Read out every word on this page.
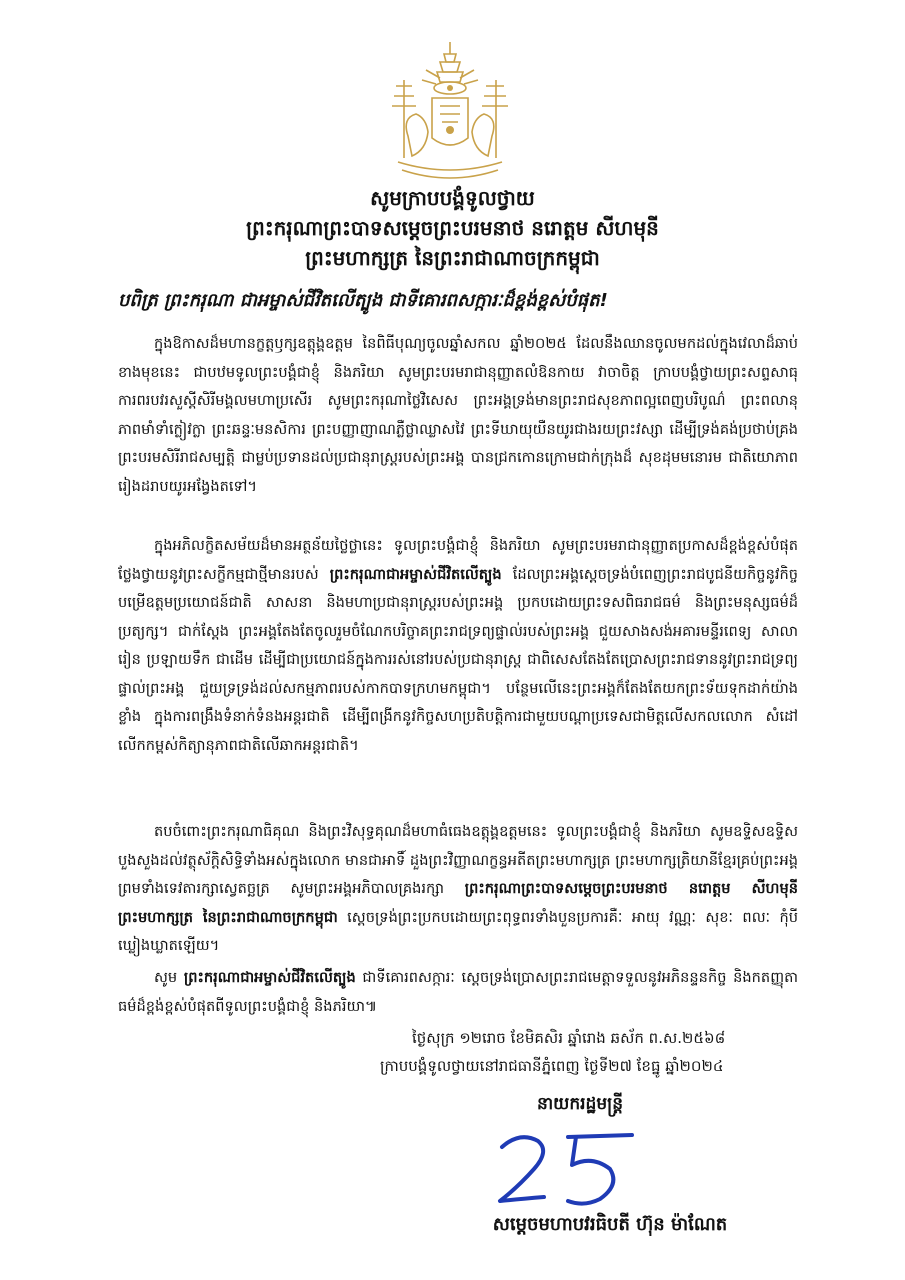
សូមក្រាបបង្គំទូលថ្វាយ
ព្រះករុណាព្រះបាទសម្តេចព្រះបរមនាថ នរោត្តម សីហមុនី
ព្រះមហាក្សត្រ នៃព្រះរាជាណាចក្រកម្ពុជា
បពិត្រ ព្រះករុណា ជាអម្ចាស់ជីវិតលើត្បូង ជាទីគោរពសក្ការៈដ៏ខ្ពង់ខ្ពស់បំផុត!
ក្នុងឱកាសដ៏មហានក្ខត្តឫក្សឧត្តុង្គឧត្តម នៃពិធីបុណ្យចូលឆ្នាំសកល ឆ្នាំ២០២៥ ដែលនឹងឈានចូលមកដល់ក្នុងវេលាដ៏ឆាប់ខាងមុខនេះ ជាបឋមទូលព្រះបង្គំជាខ្ញុំ និងភរិយា សូមព្រះបរមរាជានុញ្ញាតលំឱនកាយ វាចាចិត្ត ក្រាបបង្គំថ្វាយព្រះសព្ទសាធុការពរបវរសួស្តីសិរីមង្គលមហាប្រសើរ សូមព្រះករុណាថ្លៃវិសេស ព្រះអង្គទ្រង់មានព្រះរាជសុខភាពល្អពេញបរិបូណ៌ ព្រះពលានុភាពមាំទាំក្លៀវក្លា ព្រះឆន្ទៈមនសិការ ព្រះបញ្ញាញាណភ្លឺថ្លាឈ្លាសវៃ ព្រះទីឃាយុយឺនយូរជាងរយព្រះវស្សា ដើម្បីទ្រង់គង់ប្រថាប់គ្រងព្រះបរមសិរីរាជសម្បត្តិ ជាម្លប់ប្រទានដល់ប្រជានុរាស្ត្ររបស់ព្រះអង្គ បានជ្រកកោនក្រោមជាក់ក្រុងដ៏ សុខដុមមនោរម ជាតិយោភាពរៀងដរាបយូរអង្វែងតទៅ។
ក្នុងអភិលក្ខិតសម័យដ៏មានអត្ថន័យថ្លៃថ្លានេះ ទូលព្រះបង្គំជាខ្ញុំ និងភរិយា សូមព្រះបរមរាជានុញ្ញាតប្រកាសដ៏ខ្ពង់ខ្ពស់បំផុត ថ្លែងថ្វាយនូវព្រះសក្ខីកម្មជាថ្មីមានរបស់ ព្រះករុណាជាអម្ចាស់ជីវិតលើត្បូង ដែលព្រះអង្គស្តេចទ្រង់បំពេញព្រះរាជបូជនីយកិច្ចនូវកិច្ចបម្រើឧត្តមប្រយោជន៍ជាតិ សាសនា និងមហាប្រជានុរាស្ត្ររបស់ព្រះអង្គ ប្រកបដោយព្រះទសពិធរាជធម៌ និងព្រះមនុស្សធម៌ដ៏ប្រត្យក្ស។ ជាក់ស្តែង ព្រះអង្គតែងតែចូលរួមចំណែកបរិច្ចាគព្រះរាជទ្រព្យផ្ទាល់របស់ព្រះអង្គ ជួយសាងសង់អគារមន្ទីរពេទ្យ សាលារៀន ប្រឡាយទឹក ជាដើម ដើម្បីជាប្រយោជន៍ក្នុងការរស់នៅរបស់ប្រជានុរាស្ត្រ ជាពិសេសតែងតែប្រោសព្រះរាជទាននូវព្រះរាជទ្រព្យផ្ទាល់ព្រះអង្គ ជួយទ្រទ្រង់ដល់សកម្មភាពរបស់កាកបាទក្រហមកម្ពុជា។ បន្ថែមលើនេះព្រះអង្គក៏តែងតែយកព្រះទ័យទុកដាក់យ៉ាងខ្លាំង ក្នុងការពង្រឹងទំនាក់ទំនងអន្តរជាតិ ដើម្បីពង្រីកនូវកិច្ចសហប្រតិបត្តិការជាមួយបណ្តាប្រទេសជាមិត្តលើសកលលោក សំដៅលើកកម្ពស់កិត្យានុភាពជាតិលើឆាកអន្តរជាតិ។
តបចំពោះព្រះករុណាធិគុណ និងព្រះវិសុទ្ធគុណដ៏មហាធំធេងឧត្តុង្គឧត្តមនេះ ទូលព្រះបង្គំជាខ្ញុំ និងភរិយា សូមឧទ្ទិសឧទ្ទិសបួងសួងដល់វត្ថុស័ក្តិសិទ្ធិទាំងអស់ក្នុងលោក មានជាអាទិ៍ ដួងព្រះវិញ្ញាណក្ខន្ធអតីតព្រះមហាក្សត្រ ព្រះមហាក្សត្រិយានីខ្មែរគ្រប់ព្រះអង្គ ព្រមទាំងទេវតារក្សាស្វេតច្ឆត្រ សូមព្រះអង្គអភិបាលគ្រងរក្សា ព្រះករុណាព្រះបាទសម្តេចព្រះបរមនាថ នរោត្តម សីហមុនី ព្រះមហាក្សត្រ នៃព្រះរាជាណាចក្រកម្ពុជា ស្តេចទ្រង់ព្រះប្រកបដោយព្រះពុទ្ធពរទាំងបួនប្រការគឺៈ អាយុ វណ្ណៈ សុខៈ ពលៈ កុំបីឃ្លៀងឃ្លាតឡើយ។
សូម ព្រះករុណាជាអម្ចាស់ជីវិតលើត្បូង ជាទីគោរពសក្ការៈ ស្តេចទ្រង់ប្រោសព្រះរាជមេត្តាទទួលនូវអភិនន្ទនកិច្ច និងកតញ្ញុតាធម៌ដ៏ខ្ពង់ខ្ពស់បំផុតពីទូលព្រះបង្គំជាខ្ញុំ និងភរិយា៕
ថ្ងៃសុក្រ ១២រោច ខែមិគសិរ ឆ្នាំរោង ឆស័ក ព.ស.២៥៦៨
ក្រាបបង្គំទូលថ្វាយនៅរាជធានីភ្នំពេញ ថ្ងៃទី២៧ ខែធ្នូ ឆ្នាំ២០២៤
នាយករដ្ឋមន្ត្រី
សម្តេចមហាបវរធិបតី ហ៊ុន ម៉ាណែត
